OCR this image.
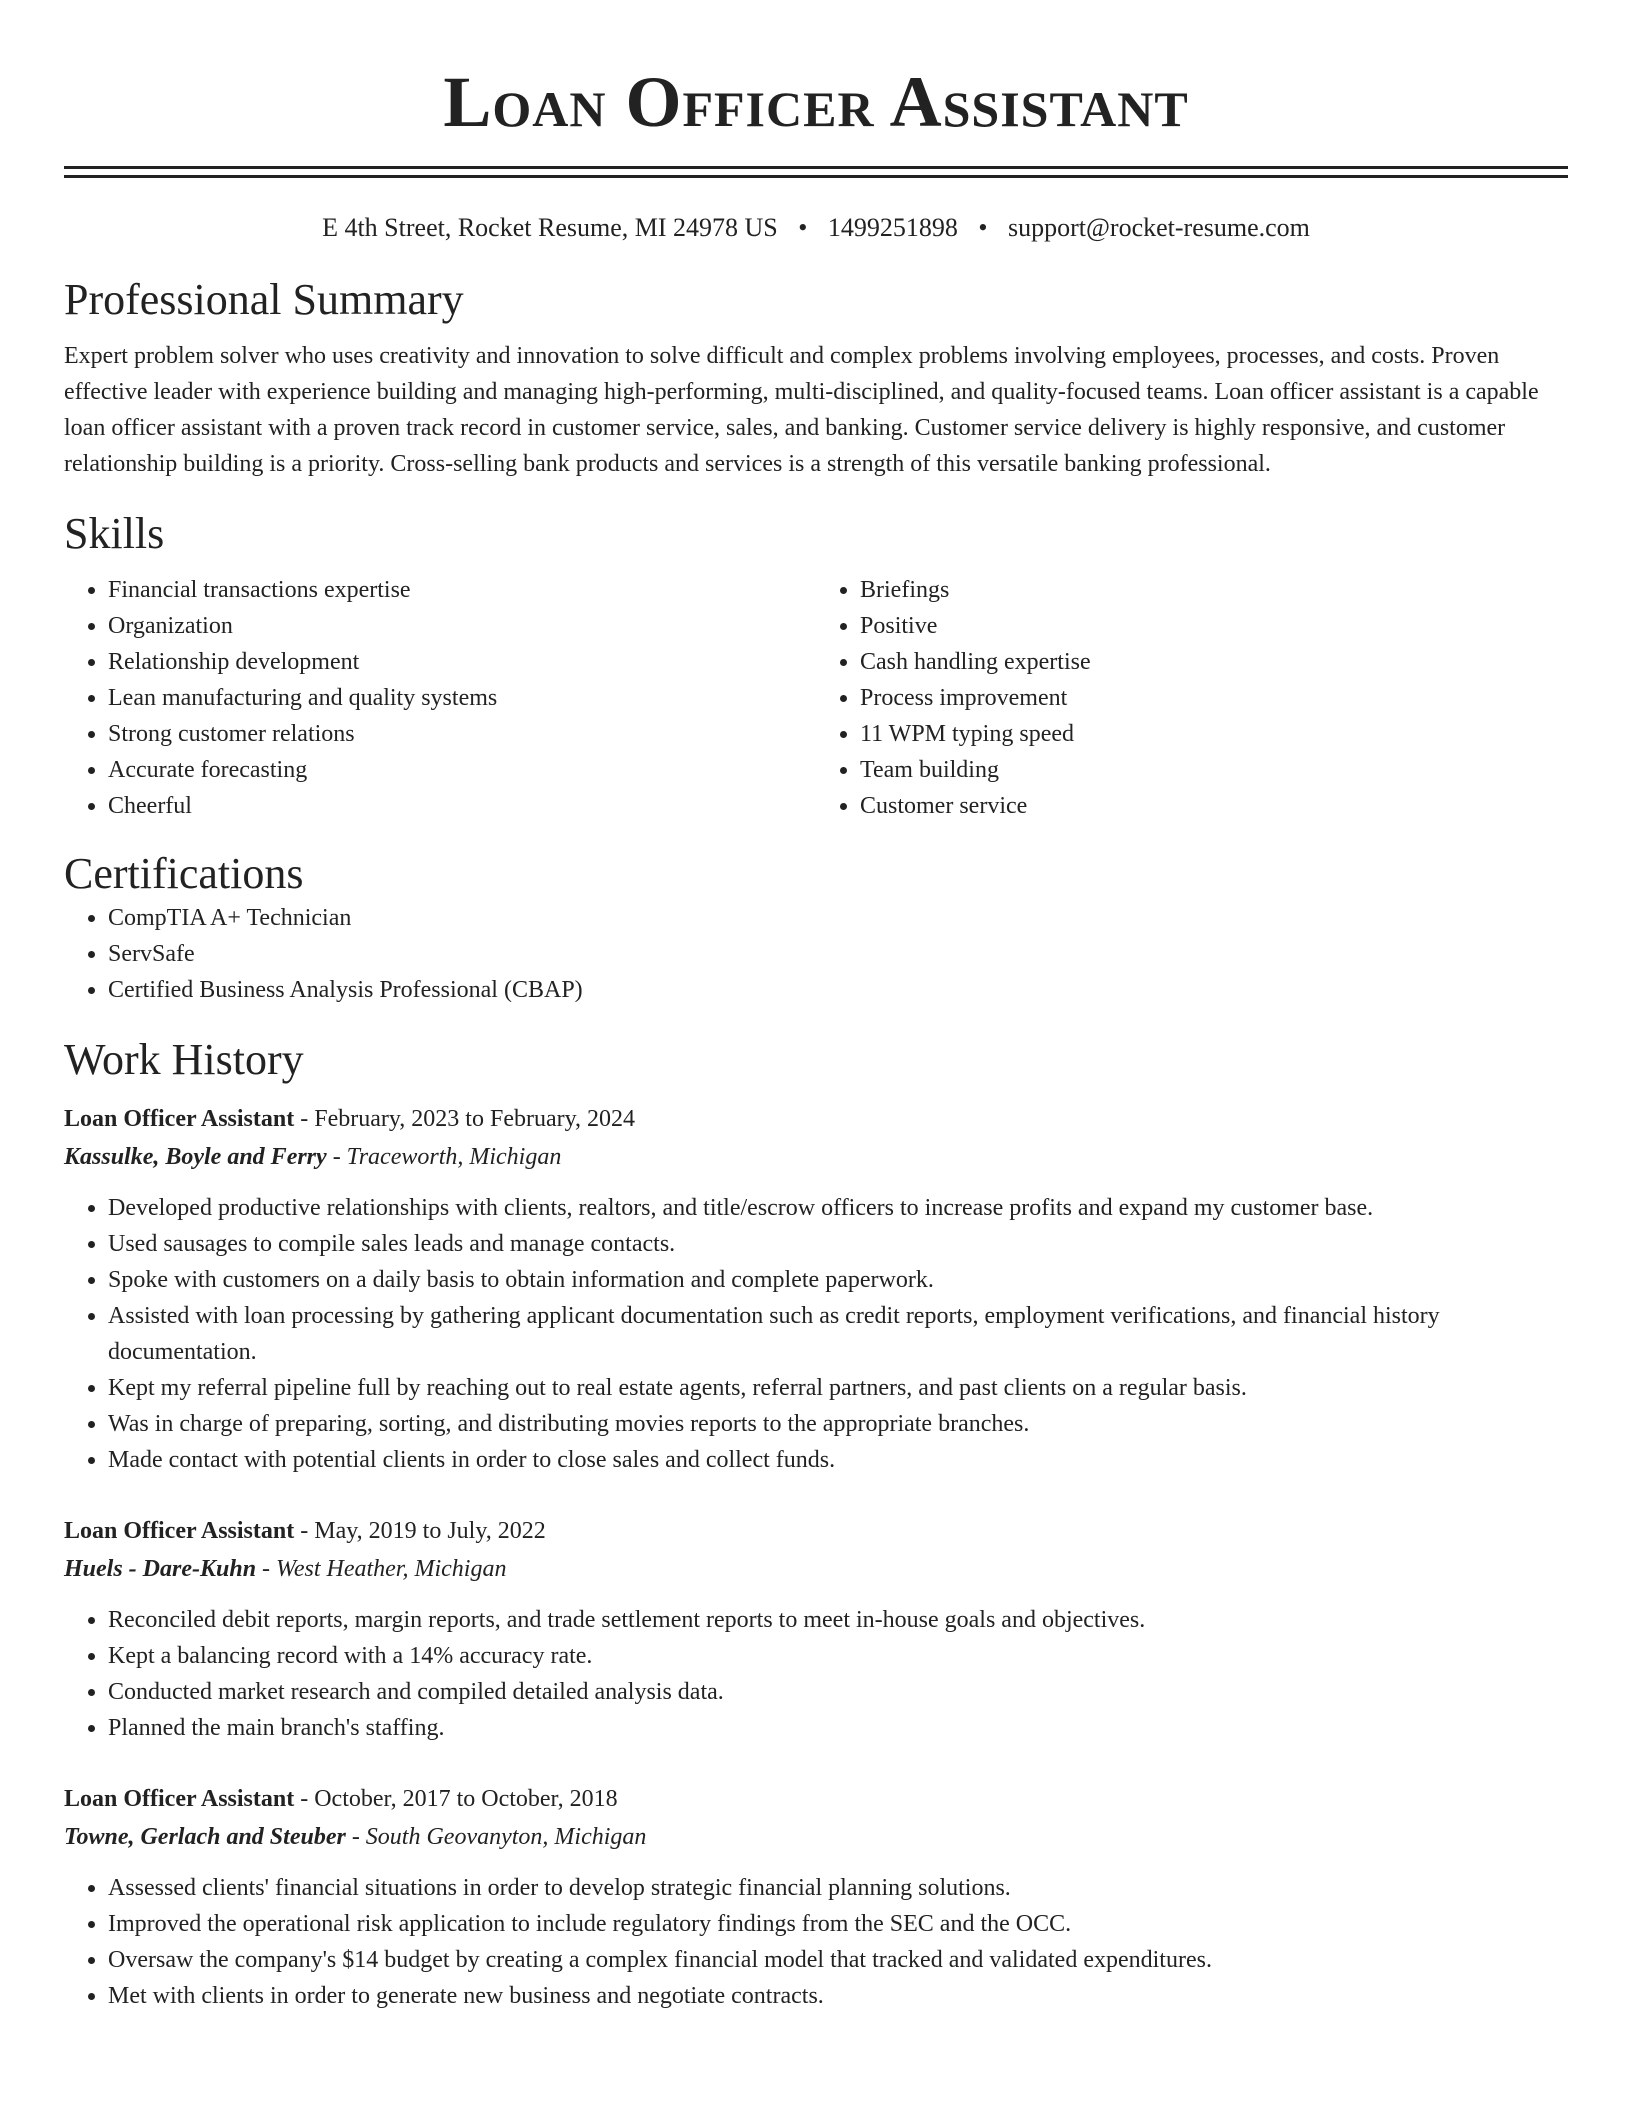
Loan Officer Assistant
E 4th Street, Rocket Resume, MI 24978 US • 1499251898 • support@rocket-resume.com
Professional Summary

Expert problem solver who uses creativity and innovation to solve difficult and complex problems involving employees, processes, and costs. Proven effective leader with experience building and managing high-performing, multi-disciplined, and quality-focused teams. Loan officer assistant is a capable loan officer assistant with a proven track record in customer service, sales, and banking. Customer service delivery is highly responsive, and customer relationship building is a priority. Cross-selling bank products and services is a strength of this versatile banking professional.

Skills
• Financial transactions expertise
• Organization
• Relationship development
• Lean manufacturing and quality systems
• Strong customer relations
• Accurate forecasting
• Cheerful
• Briefings
• Positive
• Cash handling expertise
• Process improvement
• 11 WPM typing speed
• Team building
• Customer service
Certifications
• CompTIA A+ Technician
• ServSafe
• Certified Business Analysis Professional (CBAP)
Work History
Loan Officer Assistant - February, 2023 to February, 2024
Kassulke, Boyle and Ferry - Traceworth, Michigan
• Developed productive relationships with clients, realtors, and title/escrow officers to increase profits and expand my customer base.
• Used sausages to compile sales leads and manage contacts.
• Spoke with customers on a daily basis to obtain information and complete paperwork.
• Assisted with loan processing by gathering applicant documentation such as credit reports, employment verifications, and financial history documentation.
• Kept my referral pipeline full by reaching out to real estate agents, referral partners, and past clients on a regular basis.
• Was in charge of preparing, sorting, and distributing movies reports to the appropriate branches.
• Made contact with potential clients in order to close sales and collect funds.
Loan Officer Assistant - May, 2019 to July, 2022
Huels - Dare-Kuhn - West Heather, Michigan
• Reconciled debit reports, margin reports, and trade settlement reports to meet in-house goals and objectives.
• Kept a balancing record with a 14% accuracy rate.
• Conducted market research and compiled detailed analysis data.
• Planned the main branch's staffing.
Loan Officer Assistant - October, 2017 to October, 2018
Towne, Gerlach and Steuber - South Geovanyton, Michigan
• Assessed clients' financial situations in order to develop strategic financial planning solutions.
• Improved the operational risk application to include regulatory findings from the SEC and the OCC.
• Oversaw the company's $14 budget by creating a complex financial model that tracked and validated expenditures.
• Met with clients in order to generate new business and negotiate contracts.
